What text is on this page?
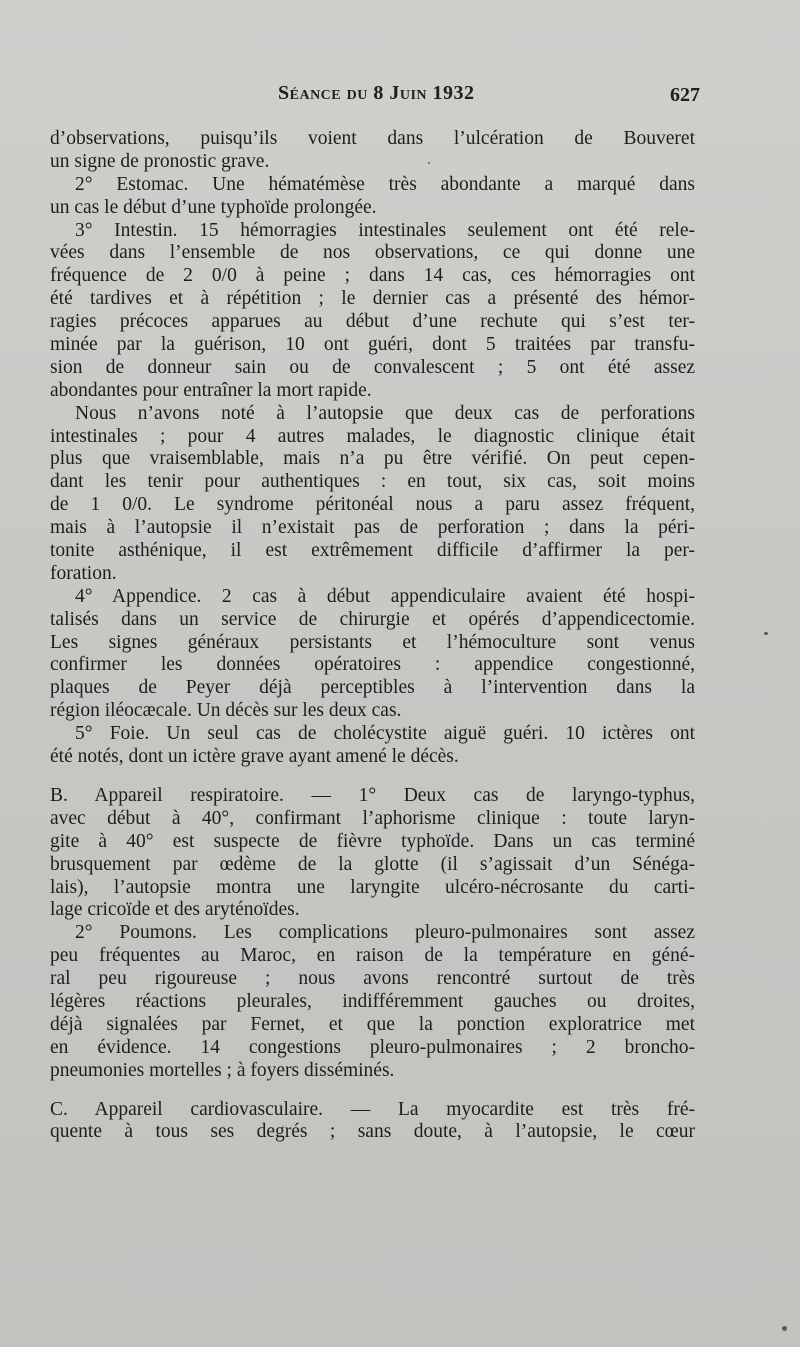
Séance du 8 Juin 1932	627
d’observations, puisqu’ils voient dans l’ulcération de Bouveret
un signe de pronostic grave.
2° Estomac. Une hématémèse très abondante a marqué dans
un cas le début d’une typhoïde prolongée.
3° Intestin. 15 hémorragies intestinales seulement ont été rele-
vées dans l’ensemble de nos observations, ce qui donne une
fréquence de 2 0/0 à peine ; dans 14 cas, ces hémorragies ont
été tardives et à répétition ; le dernier cas a présenté des hémor-
ragies précoces apparues au début d’une rechute qui s’est ter-
minée par la guérison, 10 ont guéri, dont 5 traitées par transfu-
sion de donneur sain ou de convalescent ; 5 ont été assez
abondantes pour entraîner la mort rapide.
Nous n’avons noté à l’autopsie que deux cas de perforations
intestinales ; pour 4 autres malades, le diagnostic clinique était
plus que vraisemblable, mais n’a pu être vérifié. On peut cepen-
dant les tenir pour authentiques : en tout, six cas, soit moins
de 1 0/0. Le syndrome péritonéal nous a paru assez fréquent,
mais à l’autopsie il n’existait pas de perforation ; dans la péri-
tonite asthénique, il est extrêmement difficile d’affirmer la per-
foration.
4° Appendice. 2 cas à début appendiculaire avaient été hospi-
talisés dans un service de chirurgie et opérés d’appendicectomie.
Les signes généraux persistants et l’hémoculture sont venus
confirmer les données opératoires : appendice congestionné,
plaques de Peyer déjà perceptibles à l’intervention dans la
région iléocæcale. Un décès sur les deux cas.
5° Foie. Un seul cas de cholécystite aiguë guéri. 10 ictères ont
été notés, dont un ictère grave ayant amené le décès.
B. Appareil respiratoire. — 1° Deux cas de laryngo-typhus,
avec début à 40°, confirmant l’aphorisme clinique : toute laryn-
gite à 40° est suspecte de fièvre typhoïde. Dans un cas terminé
brusquement par œdème de la glotte (il s’agissait d’un Sénéga-
lais), l’autopsie montra une laryngite ulcéro-nécrosante du carti-
lage cricoïde et des aryténoïdes.
2° Poumons. Les complications pleuro-pulmonaires sont assez
peu fréquentes au Maroc, en raison de la température en géné-
ral peu rigoureuse ; nous avons rencontré surtout de très
légères réactions pleurales, indifféremment gauches ou droites,
déjà signalées par Fernet, et que la ponction exploratrice met
en évidence. 14 congestions pleuro-pulmonaires ; 2 broncho-
pneumonies mortelles ; à foyers disséminés.
C. Appareil cardiovasculaire. — La myocardite est très fré-
quente à tous ses degrés ; sans doute, à l’autopsie, le cœur
